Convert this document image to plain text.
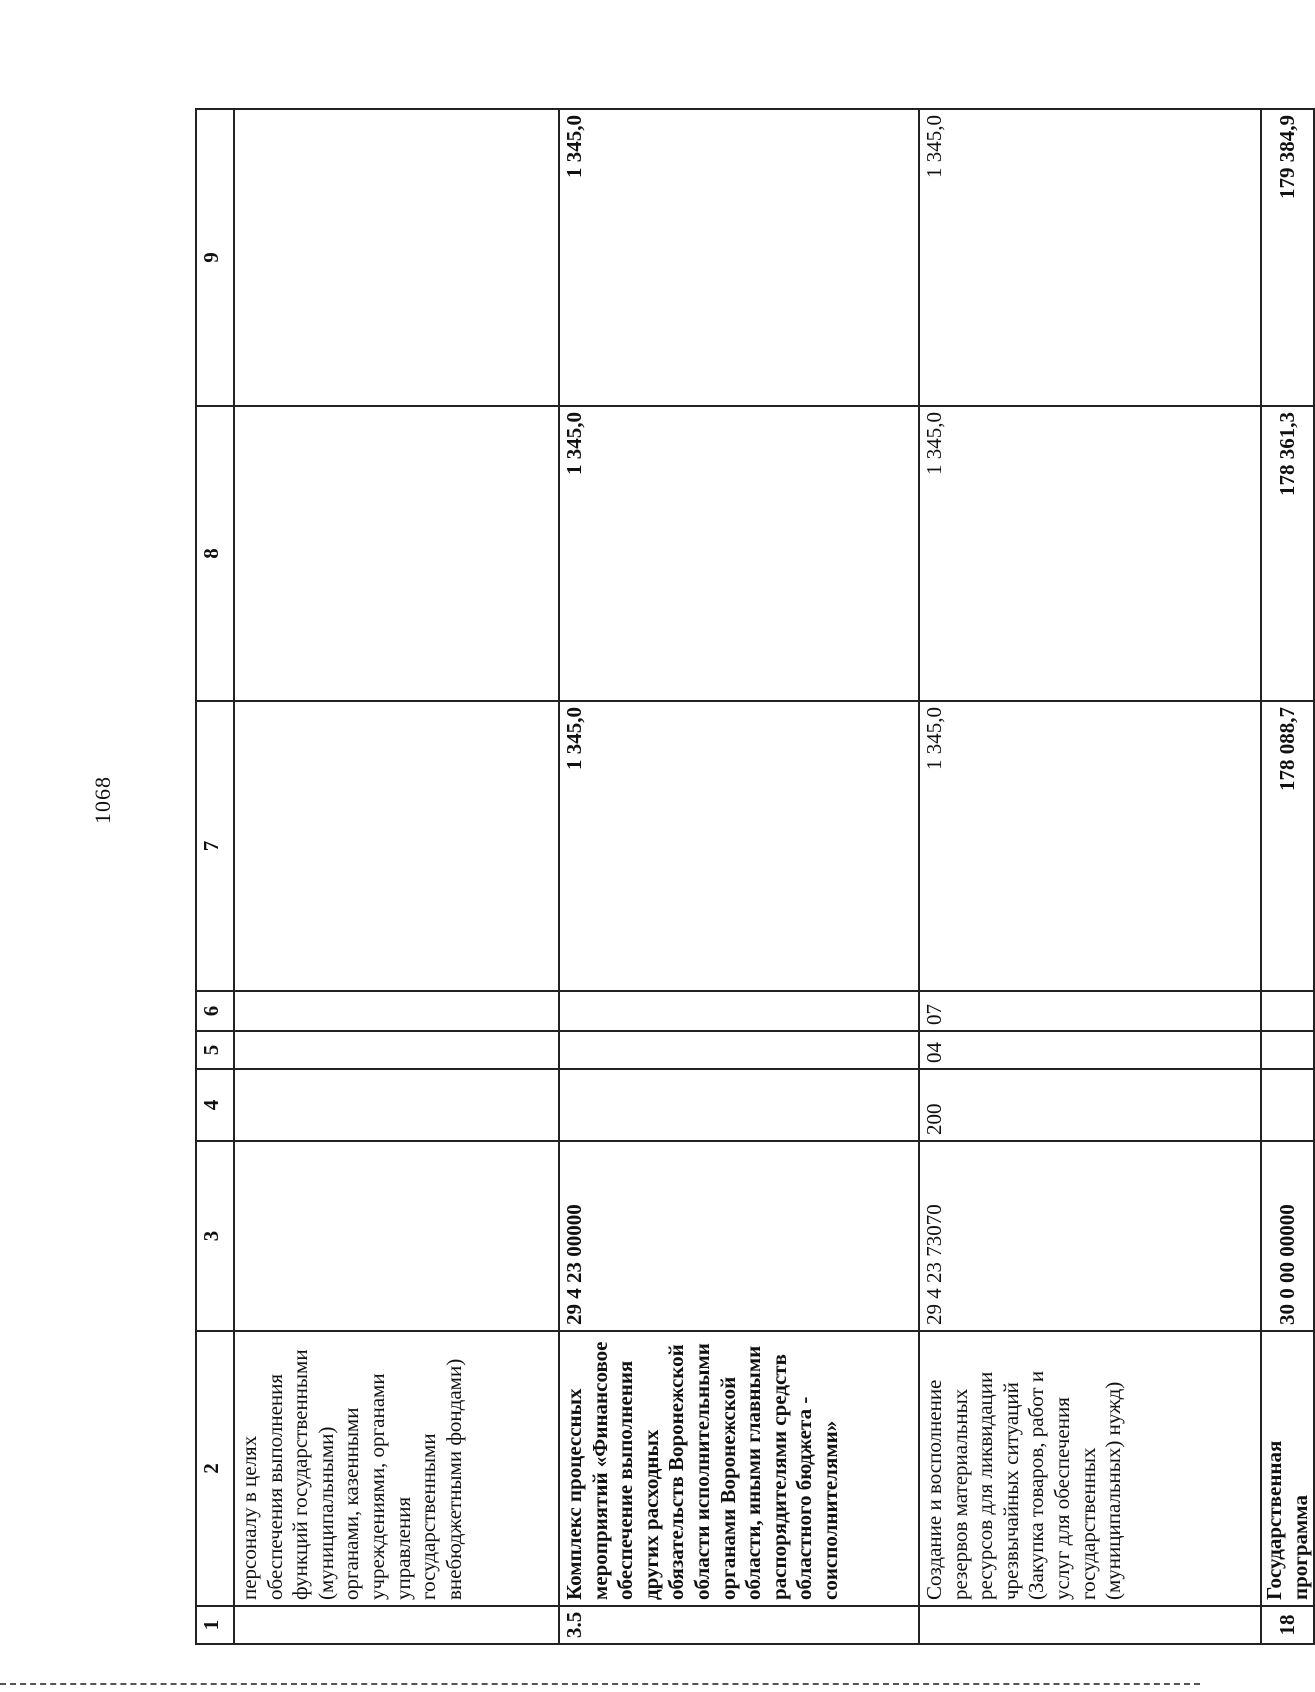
1068
1	2	3	4	5	6	7	8	9
	персоналу в целях обеспечения выполнения функций государственными (муниципальными) органами, казенными учреждениями, органами управления государственными внебюджетными фондами)							
3.5	Комплекс процессных мероприятий «Финансовое обеспечение выполнения других расходных обязательств Воронежской области исполнительными органами Воронежской области, иными главными распорядителями средств областного бюджета - соисполнителями»	29 4 23 00000				1 345,0	1 345,0	1 345,0
	Создание и восполнение резервов материальных ресурсов для ликвидации чрезвычайных ситуаций (Закупка товаров, работ и услуг для обеспечения государственных (муниципальных) нужд)	29 4 23 73070	200	04	07	1 345,0	1 345,0	1 345,0
18	Государственная программа	30 0 00 00000				178 088,7	178 361,3	179 384,9
